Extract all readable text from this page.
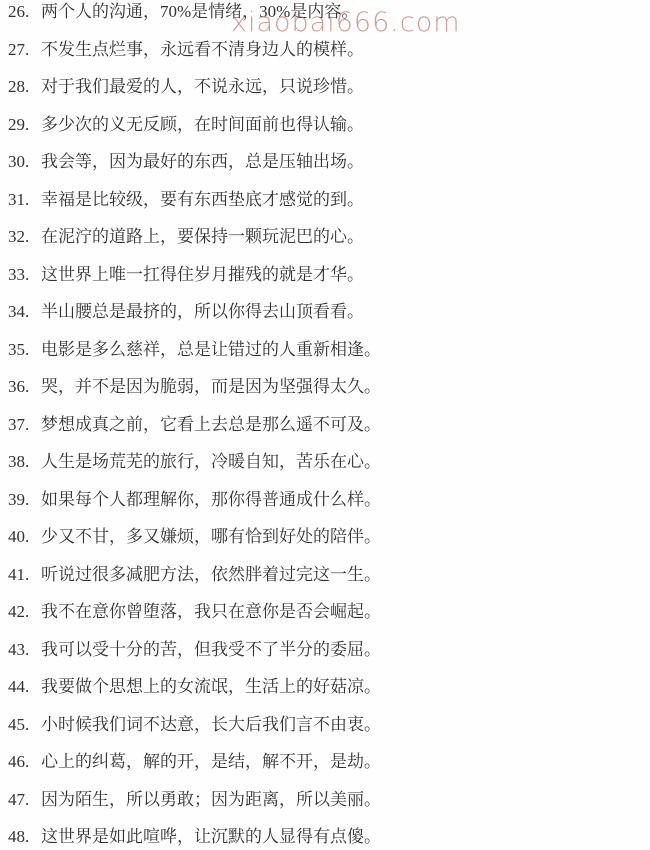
xiaobai666.com
26. 两个人的沟通，70%是情绪，30%是内容。
27. 不发生点烂事，永远看不清身边人的模样。
28. 对于我们最爱的人，不说永远，只说珍惜。
29. 多少次的义无反顾，在时间面前也得认输。
30. 我会等，因为最好的东西，总是压轴出场。
31. 幸福是比较级，要有东西垫底才感觉的到。
32. 在泥泞的道路上，要保持一颗玩泥巴的心。
33. 这世界上唯一扛得住岁月摧残的就是才华。
34. 半山腰总是最挤的，所以你得去山顶看看。
35. 电影是多么慈祥，总是让错过的人重新相逢。
36. 哭，并不是因为脆弱，而是因为坚强得太久。
37. 梦想成真之前，它看上去总是那么遥不可及。
38. 人生是场荒芜的旅行，冷暖自知，苦乐在心。
39. 如果每个人都理解你，那你得普通成什么样。
40. 少又不甘，多又嫌烦，哪有恰到好处的陪伴。
41. 听说过很多减肥方法，依然胖着过完这一生。
42. 我不在意你曾堕落，我只在意你是否会崛起。
43. 我可以受十分的苦，但我受不了半分的委屈。
44. 我要做个思想上的女流氓，生活上的好菇凉。
45. 小时候我们词不达意，长大后我们言不由衷。
46. 心上的纠葛，解的开，是结，解不开，是劫。
47. 因为陌生，所以勇敢；因为距离，所以美丽。
48. 这世界是如此喧哗，让沉默的人显得有点傻。
